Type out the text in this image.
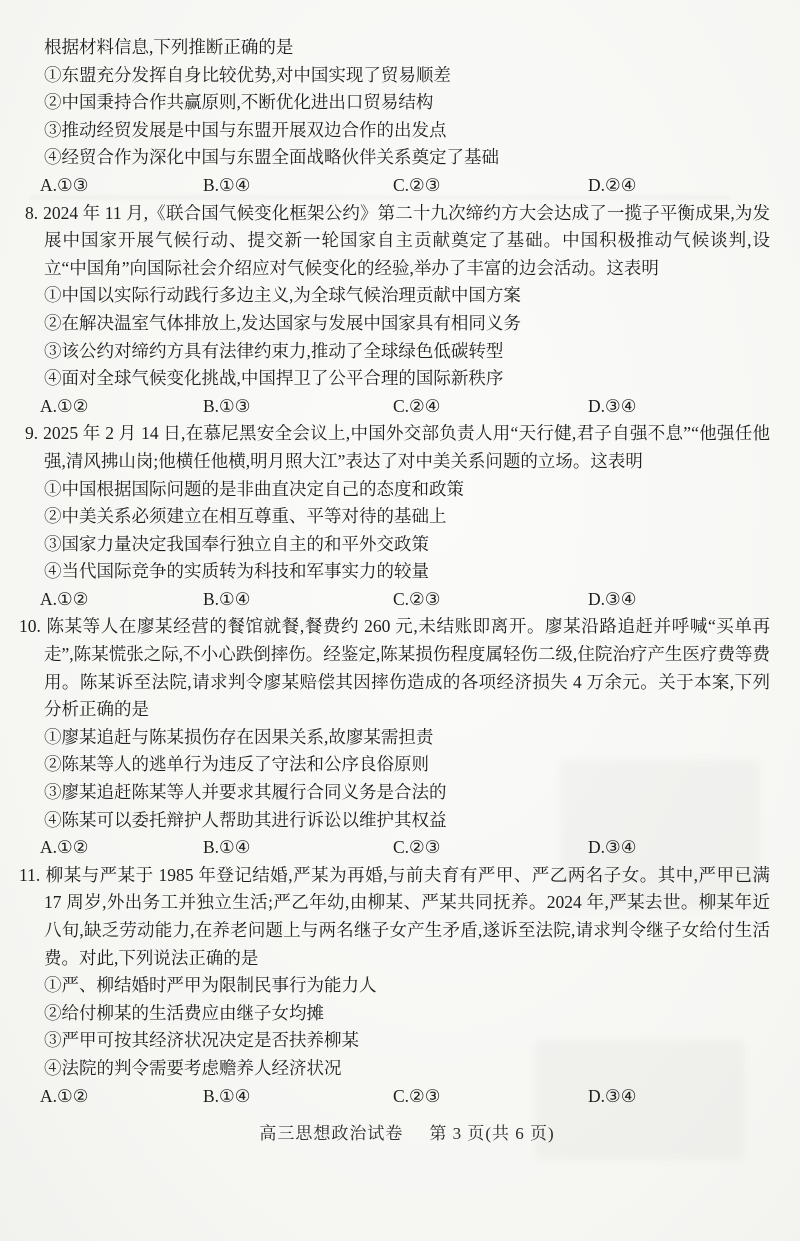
根据材料信息,下列推断正确的是

①东盟充分发挥自身比较优势,对中国实现了贸易顺差

②中国秉持合作共赢原则,不断优化进出口贸易结构

③推动经贸发展是中国与东盟开展双边合作的出发点

④经贸合作为深化中国与东盟全面战略伙伴关系奠定了基础

A.①③	B.①④	C.②③	D.②④

8. 2024 年 11 月,《联合国气候变化框架公约》第二十九次缔约方大会达成了一揽子平衡成果,为发展中国家开展气候行动、提交新一轮国家自主贡献奠定了基础。中国积极推动气候谈判,设立“中国角”向国际社会介绍应对气候变化的经验,举办了丰富的边会活动。这表明

①中国以实际行动践行多边主义,为全球气候治理贡献中国方案

②在解决温室气体排放上,发达国家与发展中国家具有相同义务

③该公约对缔约方具有法律约束力,推动了全球绿色低碳转型

④面对全球气候变化挑战,中国捍卫了公平合理的国际新秩序

A.①②	B.①③	C.②④	D.③④

9. 2025 年 2 月 14 日,在慕尼黑安全会议上,中国外交部负责人用“天行健,君子自强不息”“他强任他强,清风拂山岗;他横任他横,明月照大江”表达了对中美关系问题的立场。这表明

①中国根据国际问题的是非曲直决定自己的态度和政策

②中美关系必须建立在相互尊重、平等对待的基础上

③国家力量决定我国奉行独立自主的和平外交政策

④当代国际竞争的实质转为科技和军事实力的较量

A.①②	B.①④	C.②③	D.③④

10. 陈某等人在廖某经营的餐馆就餐,餐费约 260 元,未结账即离开。廖某沿路追赶并呼喊“买单再走”,陈某慌张之际,不小心跌倒摔伤。经鉴定,陈某损伤程度属轻伤二级,住院治疗产生医疗费等费用。陈某诉至法院,请求判令廖某赔偿其因摔伤造成的各项经济损失 4 万余元。关于本案,下列分析正确的是

①廖某追赶与陈某损伤存在因果关系,故廖某需担责

②陈某等人的逃单行为违反了守法和公序良俗原则

③廖某追赶陈某等人并要求其履行合同义务是合法的

④陈某可以委托辩护人帮助其进行诉讼以维护其权益

A.①②	B.①④	C.②③	D.③④

11. 柳某与严某于 1985 年登记结婚,严某为再婚,与前夫育有严甲、严乙两名子女。其中,严甲已满 17 周岁,外出务工并独立生活;严乙年幼,由柳某、严某共同抚养。2024 年,严某去世。柳某年近八旬,缺乏劳动能力,在养老问题上与两名继子女产生矛盾,遂诉至法院,请求判令继子女给付生活费。对此,下列说法正确的是

①严、柳结婚时严甲为限制民事行为能力人

②给付柳某的生活费应由继子女均摊

③严甲可按其经济状况决定是否扶养柳某

④法院的判令需要考虑赡养人经济状况

A.①②	B.①④	C.②③	D.③④
高三思想政治试卷 第 3 页(共 6 页)
